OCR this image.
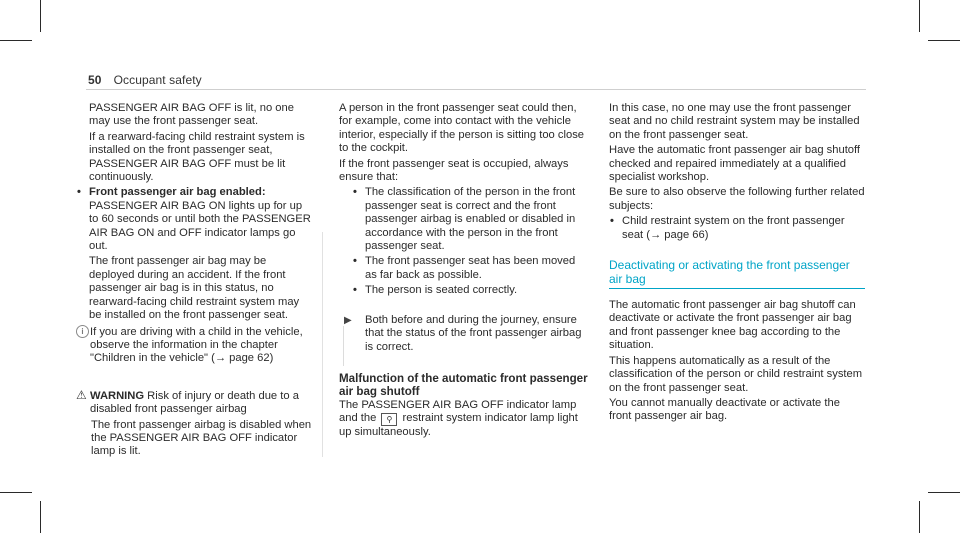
50 Occupant safety

PASSENGER AIR BAG OFF is lit, no one may use the front passenger seat.

If a rearward-facing child restraint system is installed on the front passenger seat, PASSENGER AIR BAG OFF must be lit continuously.

• Front passenger air bag enabled: PASSENGER AIR BAG ON lights up for up to 60 seconds or until both the PASSENGER AIR BAG ON and OFF indicator lamps go out.

The front passenger air bag may be deployed during an accident. If the front passenger air bag is in this status, no rearward-facing child restraint system may be installed on the front passenger seat.

i If you are driving with a child in the vehicle, observe the information in the chapter "Children in the vehicle" (→ page 62)
⚠ WARNING Risk of injury or death due to a disabled front passenger airbag
The front passenger airbag is disabled when the PASSENGER AIR BAG OFF indicator lamp is lit.

A person in the front passenger seat could then, for example, come into contact with the vehicle interior, especially if the person is sitting too close to the cockpit.

If the front passenger seat is occupied, always ensure that:

• The classification of the person in the front passenger seat is correct and the front passenger airbag is enabled or disabled in accordance with the person in the front passenger seat.
• The front passenger seat has been moved as far back as possible.
• The person is seated correctly.
▶ Both before and during the journey, ensure that the status of the front passenger airbag is correct.
Malfunction of the automatic front passenger air bag shutoff

The PASSENGER AIR BAG OFF indicator lamp and the ⚲ restraint system indicator lamp light up simultaneously.

In this case, no one may use the front passenger seat and no child restraint system may be installed on the front passenger seat.

Have the automatic front passenger air bag shutoff checked and repaired immediately at a qualified specialist workshop.

Be sure to also observe the following further related subjects:

• Child restraint system on the front passenger seat (→ page 66)
Deactivating or activating the front passenger air bag

The automatic front passenger air bag shutoff can deactivate or activate the front passenger air bag and front passenger knee bag according to the situation.

This happens automatically as a result of the classification of the person or child restraint system on the front passenger seat.

You cannot manually deactivate or activate the front passenger air bag.
